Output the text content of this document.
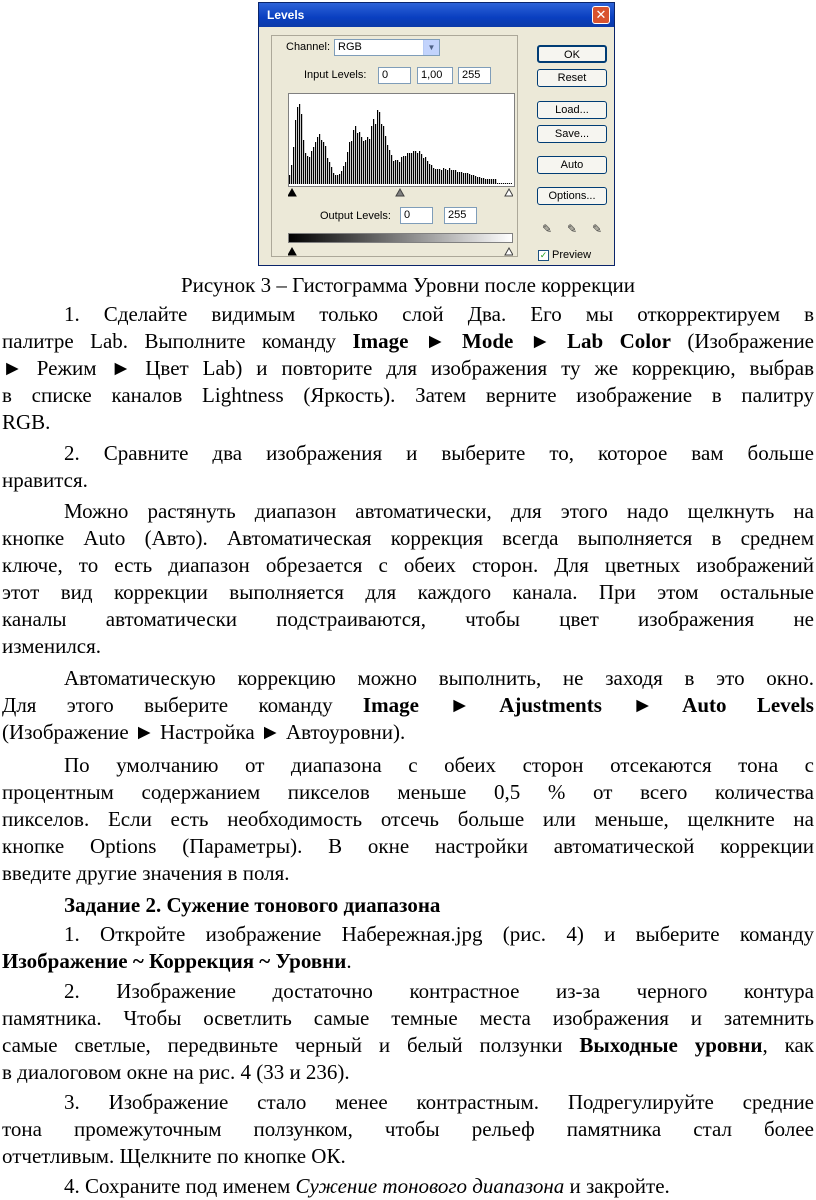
Levels	✕
Channel: RGB	▼
Input Levels:	0	1,00	255
Output Levels:	0	255
OK
Reset
Load...
Save...
Auto
Options...
✎ ✎ ✎
✓ Preview
Рисунок 3 – Гистограмма Уровни после коррекции
1. Сделайте видимым только слой Два. Его мы откорректируем в
палитре Lab. Выполните команду Image ► Mode ► Lab Color (Изображение
► Режим ► Цвет Lab) и повторите для изображения ту же коррекцию, выбрав
в списке каналов Lightness (Яркость). Затем верните изображение в палитру
RGB.
2. Сравните два изображения и выберите то, которое вам больше
нравится.
Можно растянуть диапазон автоматически, для этого надо щелкнуть на
кнопке Auto (Авто). Автоматическая коррекция всегда выполняется в среднем
ключе, то есть диапазон обрезается с обеих сторон. Для цветных изображений
этот вид коррекции выполняется для каждого канала. При этом остальные
каналы автоматически подстраиваются, чтобы цвет изображения не
изменился.
Автоматическую коррекцию можно выполнить, не заходя в это окно.
Для этого выберите команду Image ► Ajustments ► Auto Levels
(Изображение ► Настройка ► Автоуровни).
По умолчанию от диапазона с обеих сторон отсекаются тона с
процентным содержанием пикселов меньше 0,5 % от всего количества
пикселов. Если есть необходимость отсечь больше или меньше, щелкните на
кнопке Options (Параметры). В окне настройки автоматической коррекции
введите другие значения в поля.
Задание 2. Сужение тонового диапазона
1. Откройте изображение Набережная.jpg (рис. 4) и выберите команду
Изображение ~ Коррекция ~ Уровни.
2. Изображение достаточно контрастное из-за черного контура
памятника. Чтобы осветлить самые темные места изображения и затемнить
самые светлые, передвиньте черный и белый ползунки Выходные уровни, как
в диалоговом окне на рис. 4 (33 и 236).
3. Изображение стало менее контрастным. Подрегулируйте средние
тона промежуточным ползунком, чтобы рельеф памятника стал более
отчетливым. Щелкните по кнопке ОК.
4. Сохраните под именем Сужение тонового диапазона и закройте.
